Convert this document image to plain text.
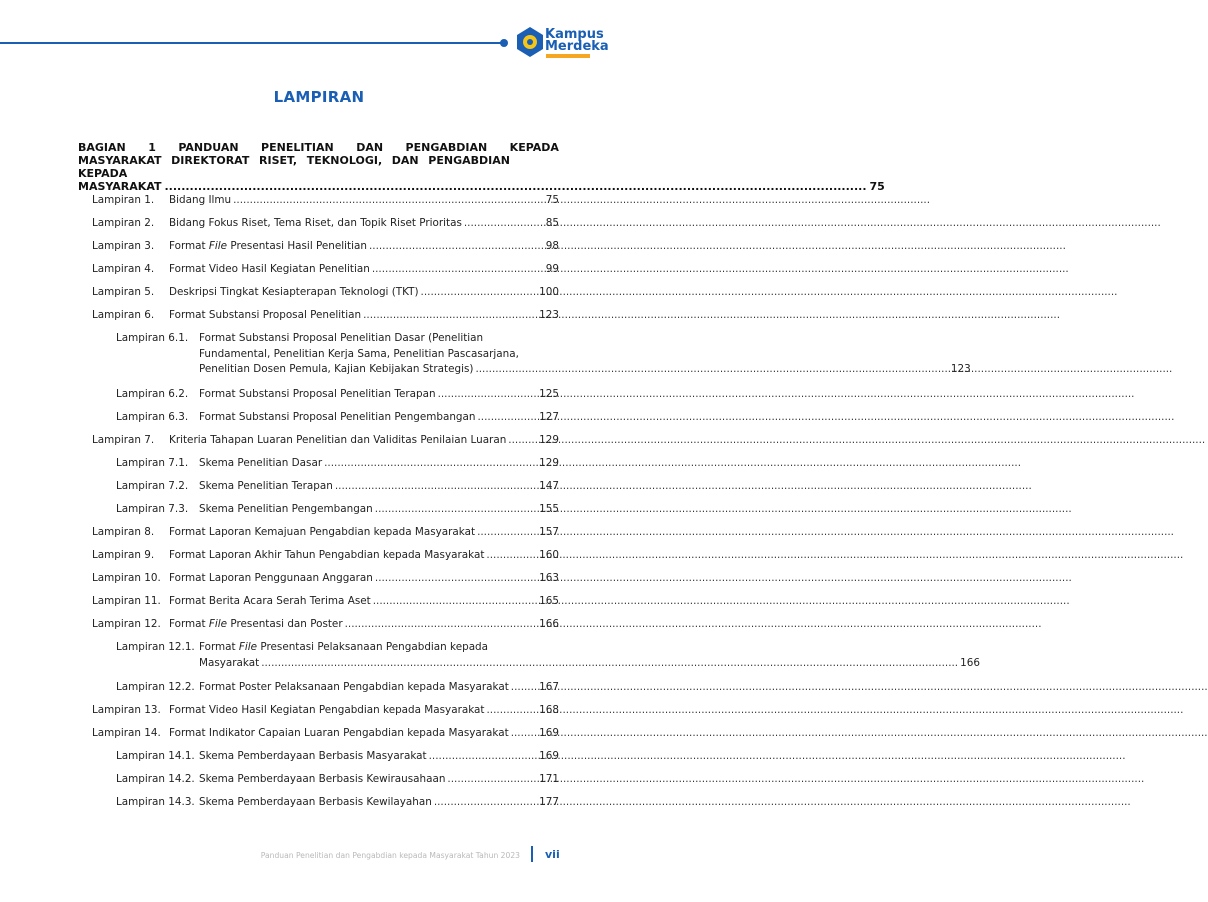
Kampus
Merdeka
LAMPIRAN
BAGIAN 1 PANDUAN PENELITIAN DAN PENGABDIAN KEPADA
MASYARAKAT DIREKTORAT RISET, TEKNOLOGI, DAN PENGABDIAN
KEPADA MASYARAKAT .....	75
Lampiran 1.	Bidang Ilmu .....	75
Lampiran 2.	Bidang Fokus Riset, Tema Riset, dan Topik Riset Prioritas .....	85
Lampiran 3.	Format File Presentasi Hasil Penelitian .....	98
Lampiran 4.	Format Video Hasil Kegiatan Penelitian .....	99
Lampiran 5.	Deskripsi Tingkat Kesiapterapan Teknologi (TKT) .....	100
Lampiran 6.	Format Substansi Proposal Penelitian .....	123
Lampiran 6.1.	Format Substansi Proposal Penelitian Dasar (Penelitian
Fundamental, Penelitian Kerja Sama, Penelitian Pascasarjana,
Penelitian Dosen Pemula, Kajian Kebijakan Strategis) .....	123
Lampiran 6.2.	Format Substansi Proposal Penelitian Terapan .....	125
Lampiran 6.3.	Format Substansi Proposal Penelitian Pengembangan .....	127
Lampiran 7.	Kriteria Tahapan Luaran Penelitian dan Validitas Penilaian Luaran .....	129
Lampiran 7.1.	Skema Penelitian Dasar .....	129
Lampiran 7.2.	Skema Penelitian Terapan .....	147
Lampiran 7.3.	Skema Penelitian Pengembangan .....	155
Lampiran 8.	Format Laporan Kemajuan Pengabdian kepada Masyarakat .....	157
Lampiran 9.	Format Laporan Akhir Tahun Pengabdian kepada Masyarakat .....	160
Lampiran 10. Format Laporan Penggunaan Anggaran .....	163
Lampiran 11. Format Berita Acara Serah Terima Aset .....	165
Lampiran 12. Format File Presentasi dan Poster .....	166
Lampiran 12.1. Format File Presentasi Pelaksanaan Pengabdian kepada
Masyarakat .....	166
Lampiran 12.2. Format Poster Pelaksanaan Pengabdian kepada Masyarakat .....	167
Lampiran 13. Format Video Hasil Kegiatan Pengabdian kepada Masyarakat .....	168
Lampiran 14. Format Indikator Capaian Luaran Pengabdian kepada Masyarakat .....	169
Lampiran 14.1. Skema Pemberdayaan Berbasis Masyarakat .....	169
Lampiran 14.2. Skema Pemberdayaan Berbasis Kewirausahaan .....	171
Lampiran 14.3. Skema Pemberdayaan Berbasis Kewilayahan .....	177
Panduan Penelitian dan Pengabdian kepada Masyarakat Tahun 2023 vii
